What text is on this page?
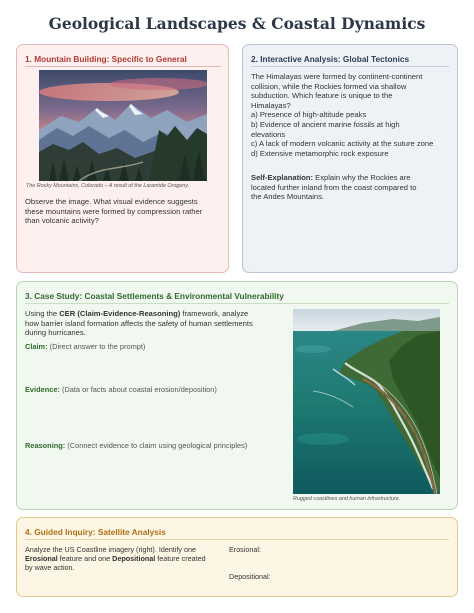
Geological Landscapes & Coastal Dynamics
1. Mountain Building: Specific to General
The Rocky Mountains, Colorado – A result of the Laramide Orogeny.
Observe the image. What visual evidence suggests
these mountains were formed by compression rather
than volcanic activity?
2. Interactive Analysis: Global Tectonics
The Himalayas were formed by continent-continent
collision, while the Rockies formed via shallow
subduction. Which feature is unique to the
Himalayas?
a) Presence of high-altitude peaks
b) Evidence of ancient marine fossils at high
elevations
c) A lack of modern volcanic activity at the suture zone
d) Extensive metamorphic rock exposure
Self-Explanation: Explain why the Rockies are
located further inland from the coast compared to
the Andes Mountains.
3. Case Study: Coastal Settlements & Environmental Vulnerability
Using the CER (Claim-Evidence-Reasoning) framework, analyze
how barrier island formation affects the safety of human settlements
during hurricanes.
Claim: (Direct answer to the prompt)
Evidence: (Data or facts about coastal erosion/deposition)
Reasoning: (Connect evidence to claim using geological principles)
Rugged coastlines and human infrastructure.
4. Guided Inquiry: Satellite Analysis
Analyze the US Coastline imagery (right). Identify one
Erosional feature and one Depositional feature created
by wave action.
Erosional:
Depositional:
